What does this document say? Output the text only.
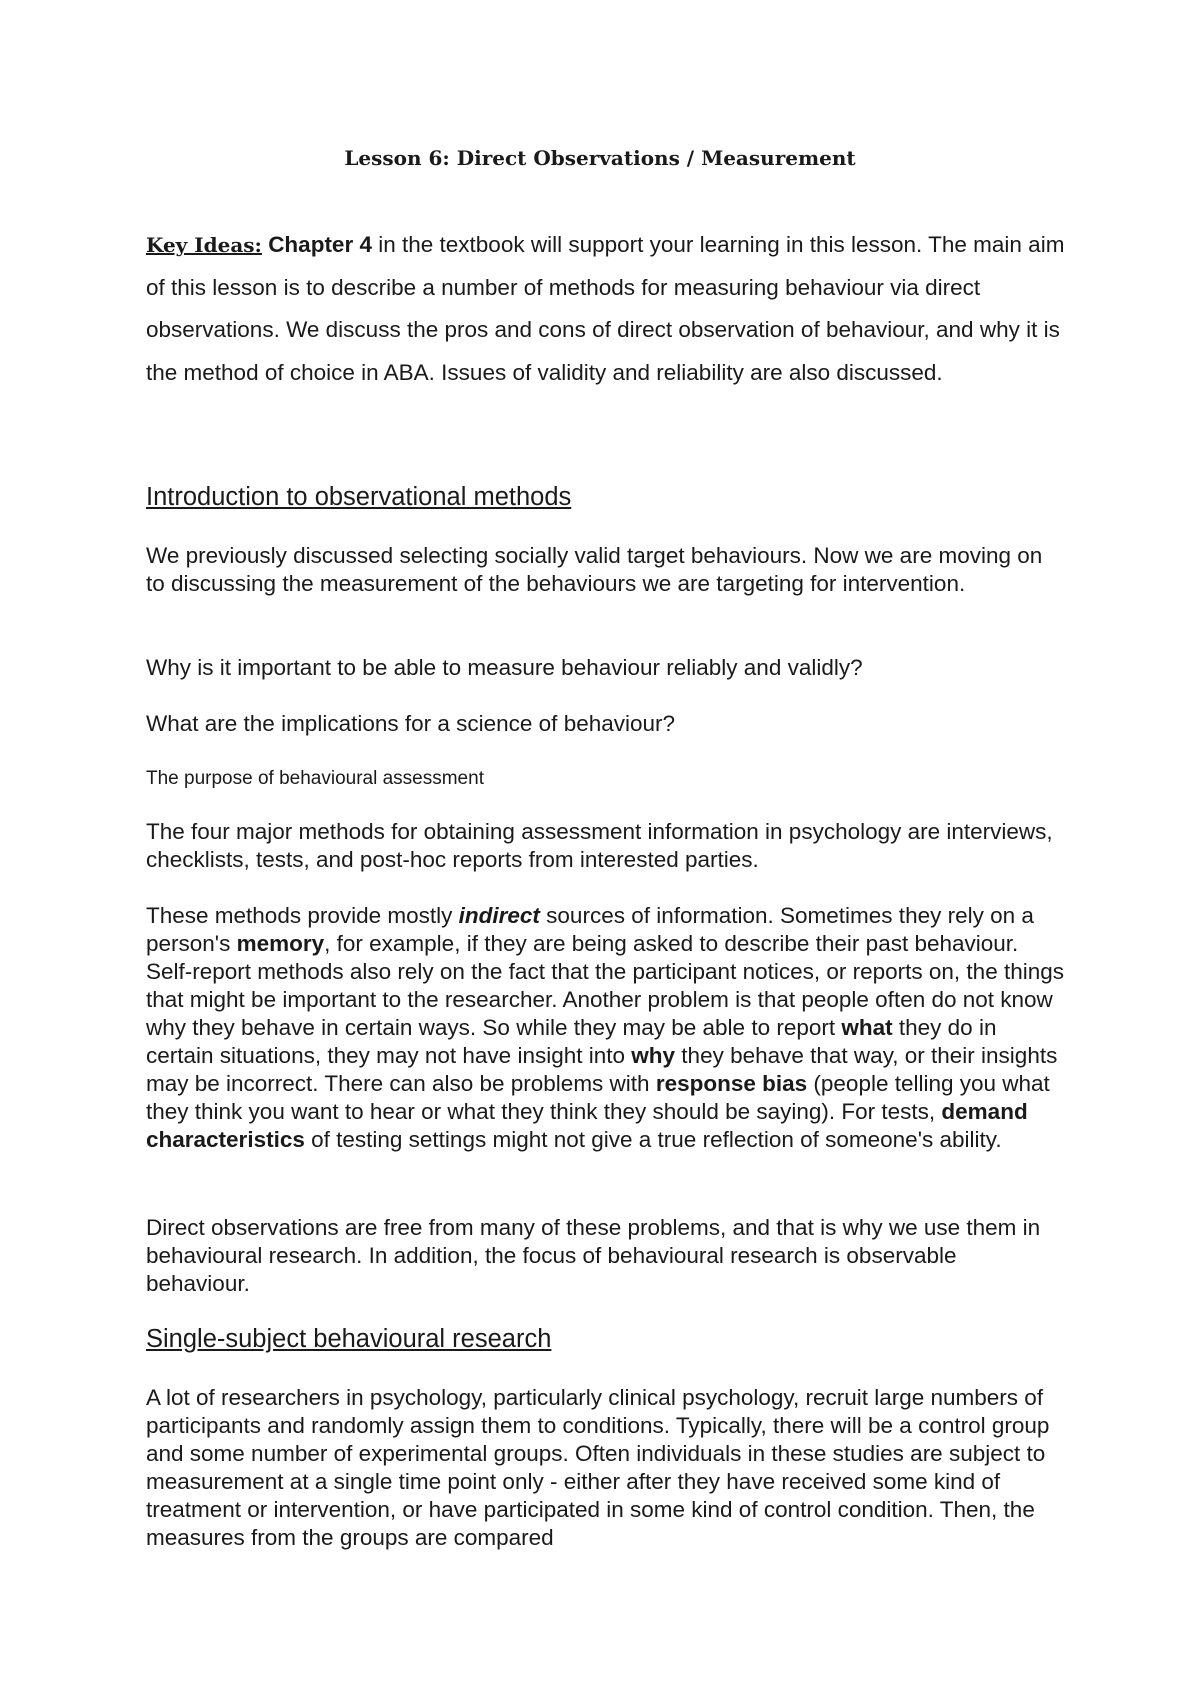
Lesson 6: Direct Observations / Measurement
Key Ideas: Chapter 4 in the textbook will support your learning in this lesson. The main aim of this lesson is to describe a number of methods for measuring behaviour via direct observations. We discuss the pros and cons of direct observation of behaviour, and why it is the method of choice in ABA. Issues of validity and reliability are also discussed.
Introduction to observational methods

We previously discussed selecting socially valid target behaviours. Now we are moving on to discussing the measurement of the behaviours we are targeting for intervention.

Why is it important to be able to measure behaviour reliably and validly?

What are the implications for a science of behaviour?

The purpose of behavioural assessment

The four major methods for obtaining assessment information in psychology are interviews, checklists, tests, and post-hoc reports from interested parties.

These methods provide mostly indirect sources of information. Sometimes they rely on a person's memory, for example, if they are being asked to describe their past behaviour. Self-report methods also rely on the fact that the participant notices, or reports on, the things that might be important to the researcher. Another problem is that people often do not know why they behave in certain ways. So while they may be able to report what they do in certain situations, they may not have insight into why they behave that way, or their insights may be incorrect. There can also be problems with response bias (people telling you what they think you want to hear or what they think they should be saying). For tests, demand characteristics of testing settings might not give a true reflection of someone's ability.

Direct observations are free from many of these problems, and that is why we use them in behavioural research. In addition, the focus of behavioural research is observable behaviour.

Single-subject behavioural research

A lot of researchers in psychology, particularly clinical psychology, recruit large numbers of participants and randomly assign them to conditions. Typically, there will be a control group and some number of experimental groups. Often individuals in these studies are subject to measurement at a single time point only - either after they have received some kind of treatment or intervention, or have participated in some kind of control condition. Then, the measures from the groups are compared
